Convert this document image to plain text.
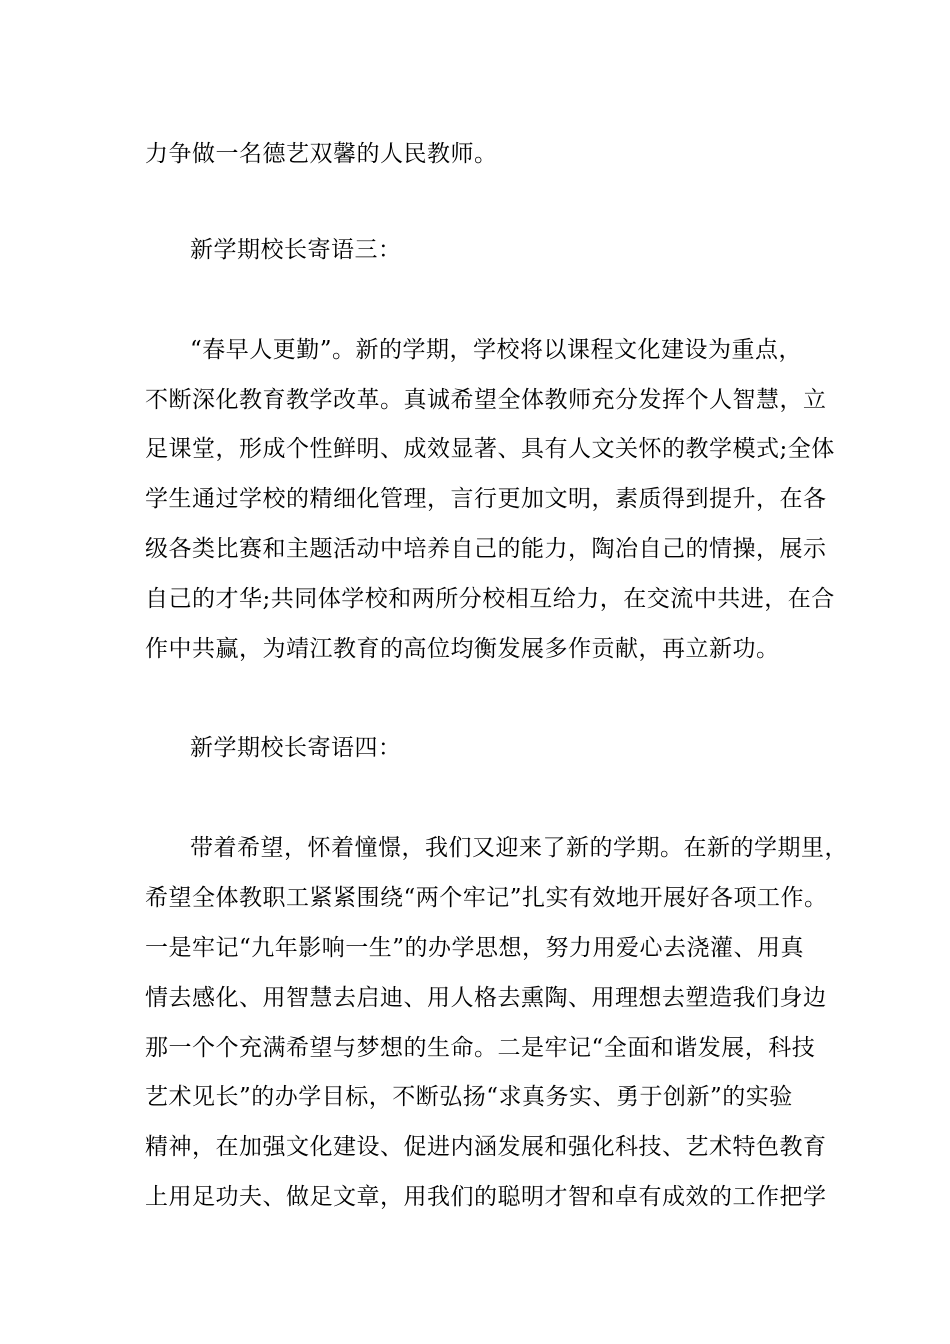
力争做一名德艺双馨的人民教师。
新学期校长寄语三：
“春早人更勤”。新的学期，学校将以课程文化建设为重点，
不断深化教育教学改革。真诚希望全体教师充分发挥个人智慧，立
足课堂，形成个性鲜明、成效显著、具有人文关怀的教学模式;全体
学生通过学校的精细化管理，言行更加文明，素质得到提升，在各
级各类比赛和主题活动中培养自己的能力，陶冶自己的情操，展示
自己的才华;共同体学校和两所分校相互给力，在交流中共进，在合
作中共赢，为靖江教育的高位均衡发展多作贡献，再立新功。
新学期校长寄语四：
带着希望，怀着憧憬，我们又迎来了新的学期。在新的学期里，
希望全体教职工紧紧围绕“两个牢记”扎实有效地开展好各项工作。
一是牢记“九年影响一生”的办学思想，努力用爱心去浇灌、用真
情去感化、用智慧去启迪、用人格去熏陶、用理想去塑造我们身边
那一个个充满希望与梦想的生命。二是牢记“全面和谐发展，科技
艺术见长”的办学目标，不断弘扬“求真务实、勇于创新”的实验
精神，在加强文化建设、促进内涵发展和强化科技、艺术特色教育
上用足功夫、做足文章，用我们的聪明才智和卓有成效的工作把学
